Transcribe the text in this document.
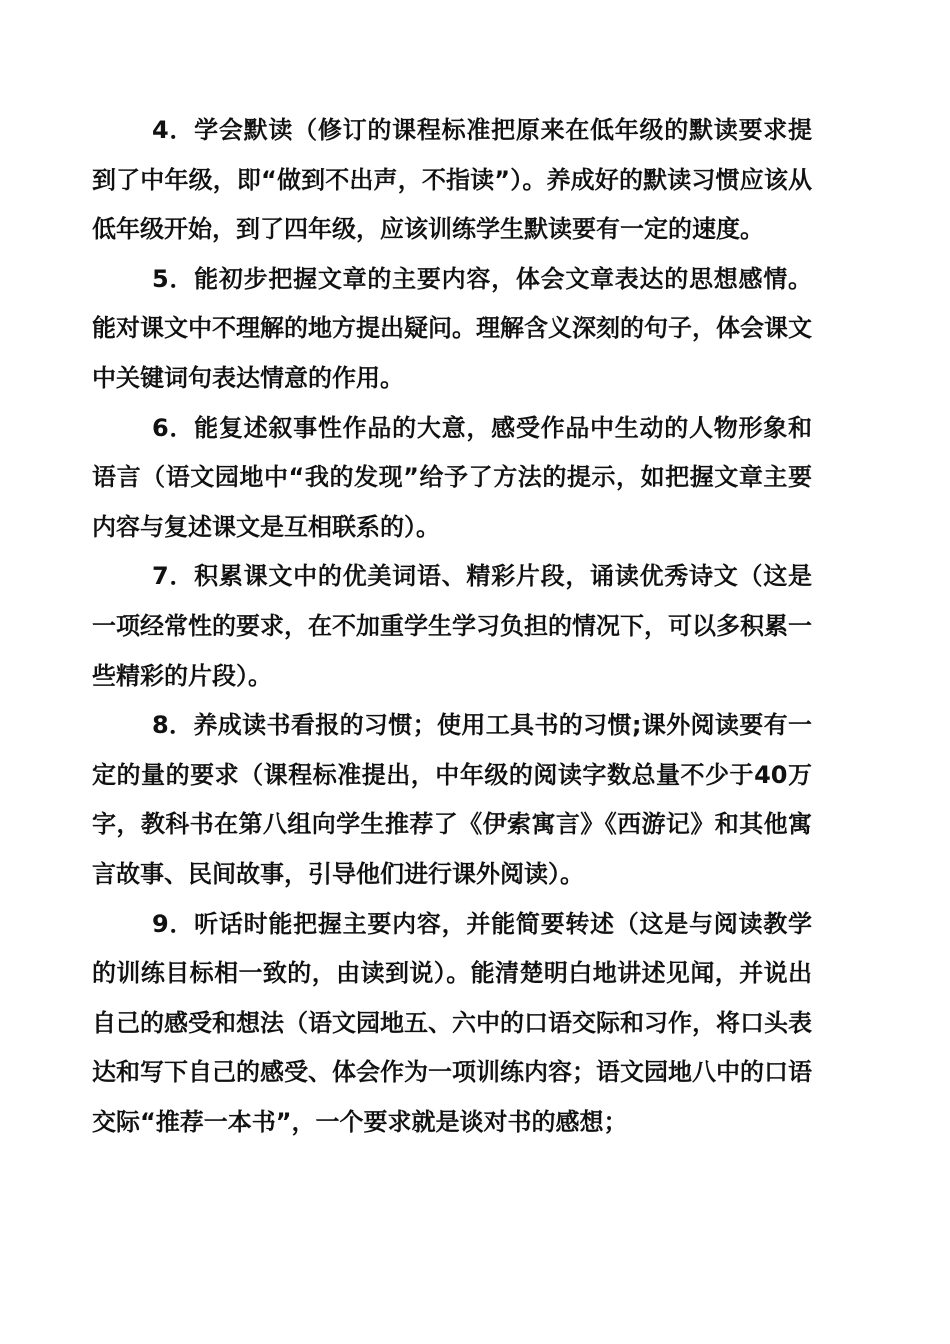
4．学会默读（修订的课程标准把原来在低年级的默读要求提到了中年级，即“做到不出声，不指读”）。养成好的默读习惯应该从低年级开始，到了四年级，应该训练学生默读要有一定的速度。

5．能初步把握文章的主要内容，体会文章表达的思想感情。能对课文中不理解的地方提出疑问。理解含义深刻的句子，体会课文中关键词句表达情意的作用。

6．能复述叙事性作品的大意，感受作品中生动的人物形象和语言（语文园地中“我的发现”给予了方法的提示，如把握文章主要内容与复述课文是互相联系的）。

7．积累课文中的优美词语、精彩片段，诵读优秀诗文（这是一项经常性的要求，在不加重学生学习负担的情况下，可以多积累一些精彩的片段）。

8．养成读书看报的习惯；使用工具书的习惯;课外阅读要有一定的量的要求（课程标准提出，中年级的阅读字数总量不少于40万字，教科书在第八组向学生推荐了《伊索寓言》《西游记》和其他寓言故事、民间故事，引导他们进行课外阅读）。

9．听话时能把握主要内容，并能简要转述（这是与阅读教学的训练目标相一致的，由读到说）。能清楚明白地讲述见闻，并说出自己的感受和想法（语文园地五、六中的口语交际和习作，将口头表达和写下自己的感受、体会作为一项训练内容；语文园地八中的口语交际“推荐一本书”，一个要求就是谈对书的感想；
